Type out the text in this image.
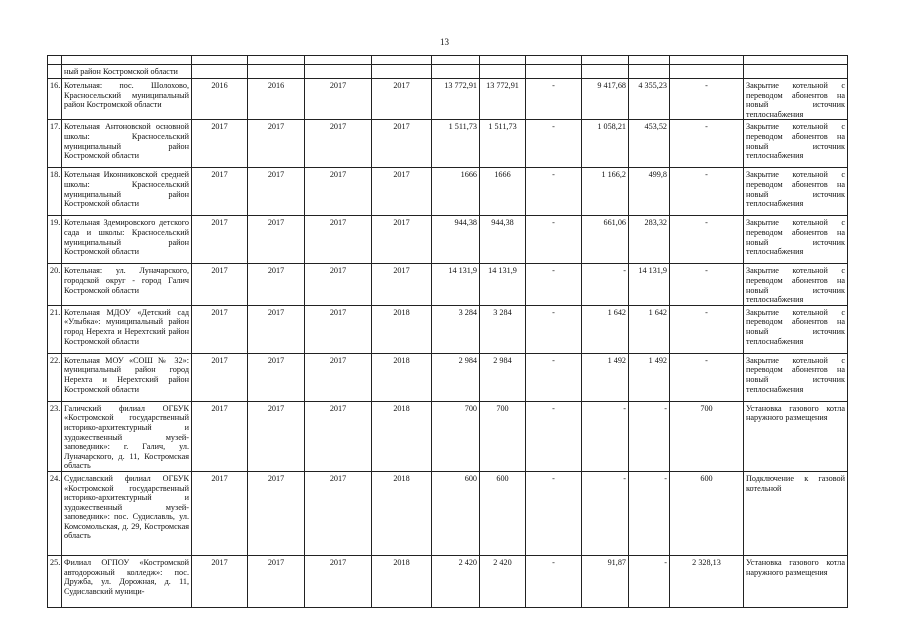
13

	ный район Костромской области											
16.	Котельная: пос. Шолохово, Красносельский муниципальный район Костромской области	2016	2016	2017	2017	13 772,91	13 772,91	-	9 417,68	4 355,23	-	Закрытие котельной с переводом абонентов на новый источник теплоснабжения
17.	Котельная Антоновской основной школы: Красносельский муниципальный район Костромской области	2017	2017	2017	2017	1 511,73	1 511,73	-	1 058,21	453,52	-	Закрытие котельной с переводом абонентов на новый источник теплоснабжения
18.	Котельная Иконниковской средней школы: Красносельский муниципальный район Костромской области	2017	2017	2017	2017	1666	1666	-	1 166,2	499,8	-	Закрытие котельной с переводом абонентов на новый источник теплоснабжения
19.	Котельная Здемировского детского сада и школы: Красносельский муниципальный район Костромской области	2017	2017	2017	2017	944,38	944,38	-	661,06	283,32	-	Закрытие котельной с переводом абонентов на новый источник теплоснабжения
20.	Котельная: ул. Луначарского, городской округ - город Галич Костромской области	2017	2017	2017	2017	14 131,9	14 131,9	-	-	14 131,9	-	Закрытие котельной с переводом абонентов на новый источник теплоснабжения
21.	Котельная МДОУ «Детский сад «Улыбка»: муниципальный район город Нерехта и Нерехтский район Костромской области	2017	2017	2017	2018	3 284	3 284	-	1 642	1 642	-	Закрытие котельной с переводом абонентов на новый источник теплоснабжения
22.	Котельная МОУ «СОШ № 32»: муниципальный район город Нерехта и Нерехтский район Костромской области	2017	2017	2017	2018	2 984	2 984	-	1 492	1 492	-	Закрытие котельной с переводом абонентов на новый источник теплоснабжения
23.	Галичский филиал ОГБУК «Костромской государственный историко-архитектурный и художественный музей-заповедник»: г. Галич, ул. Луначарского, д. 11, Костромская область	2017	2017	2017	2018	700	700	-	-	-	700	Установка газового котла наружного размещения
24.	Судиславский филиал ОГБУК «Костромской государственный историко-архитектурный и художественный музей-заповедник»: пос. Судиславль, ул. Комсомольская, д. 29, Костромская область	2017	2017	2017	2018	600	600	-	-	-	600	Подключение к газовой котельной
25.	Филиал ОГПОУ «Костромской автодорожный колледж»: пос. Дружба, ул. Дорожная, д. 11, Судиславский муници-	2017	2017	2017	2018	2 420	2 420	-	91,87	-	2 328,13	Установка газового котла наружного размещения
